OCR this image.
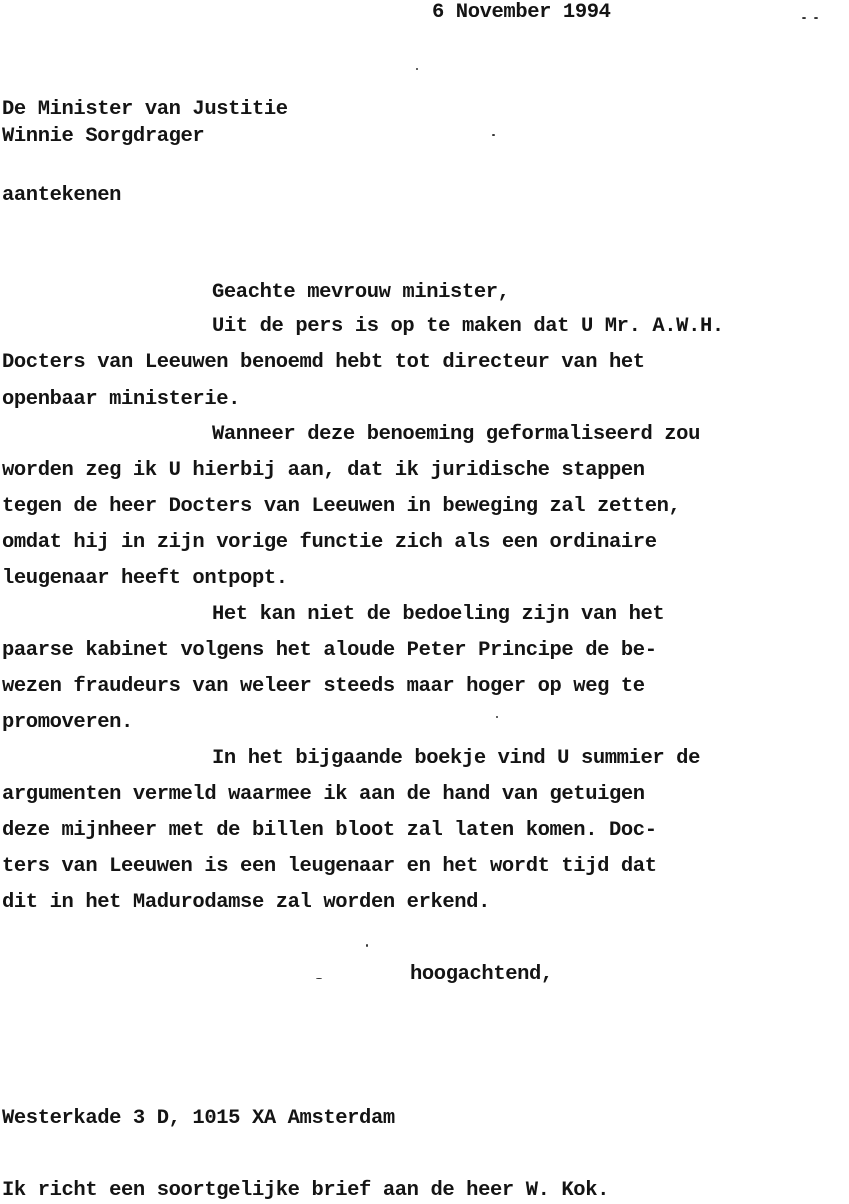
6 November 1994

De Minister van Justitie

Winnie Sorgdrager

aantekenen

Geachte mevrouw minister,

Uit de pers is op te maken dat U Mr. A.W.H.

Docters van Leeuwen benoemd hebt tot directeur van het

openbaar ministerie.

Wanneer deze benoeming geformaliseerd zou

worden zeg ik U hierbij aan, dat ik juridische stappen

tegen de heer Docters van Leeuwen in beweging zal zetten,

omdat hij in zijn vorige functie zich als een ordinaire

leugenaar heeft ontpopt.

Het kan niet de bedoeling zijn van het

paarse kabinet volgens het aloude Peter Principe de be-

wezen fraudeurs van weleer steeds maar hoger op weg te

promoveren.

In het bijgaande boekje vind U summier de

argumenten vermeld waarmee ik aan de hand van getuigen

deze mijnheer met de billen bloot zal laten komen. Doc-

ters van Leeuwen is een leugenaar en het wordt tijd dat

dit in het Madurodamse zal worden erkend.

hoogachtend,

Westerkade 3 D, 1015 XA Amsterdam

Ik richt een soortgelijke brief aan de heer W. Kok.
